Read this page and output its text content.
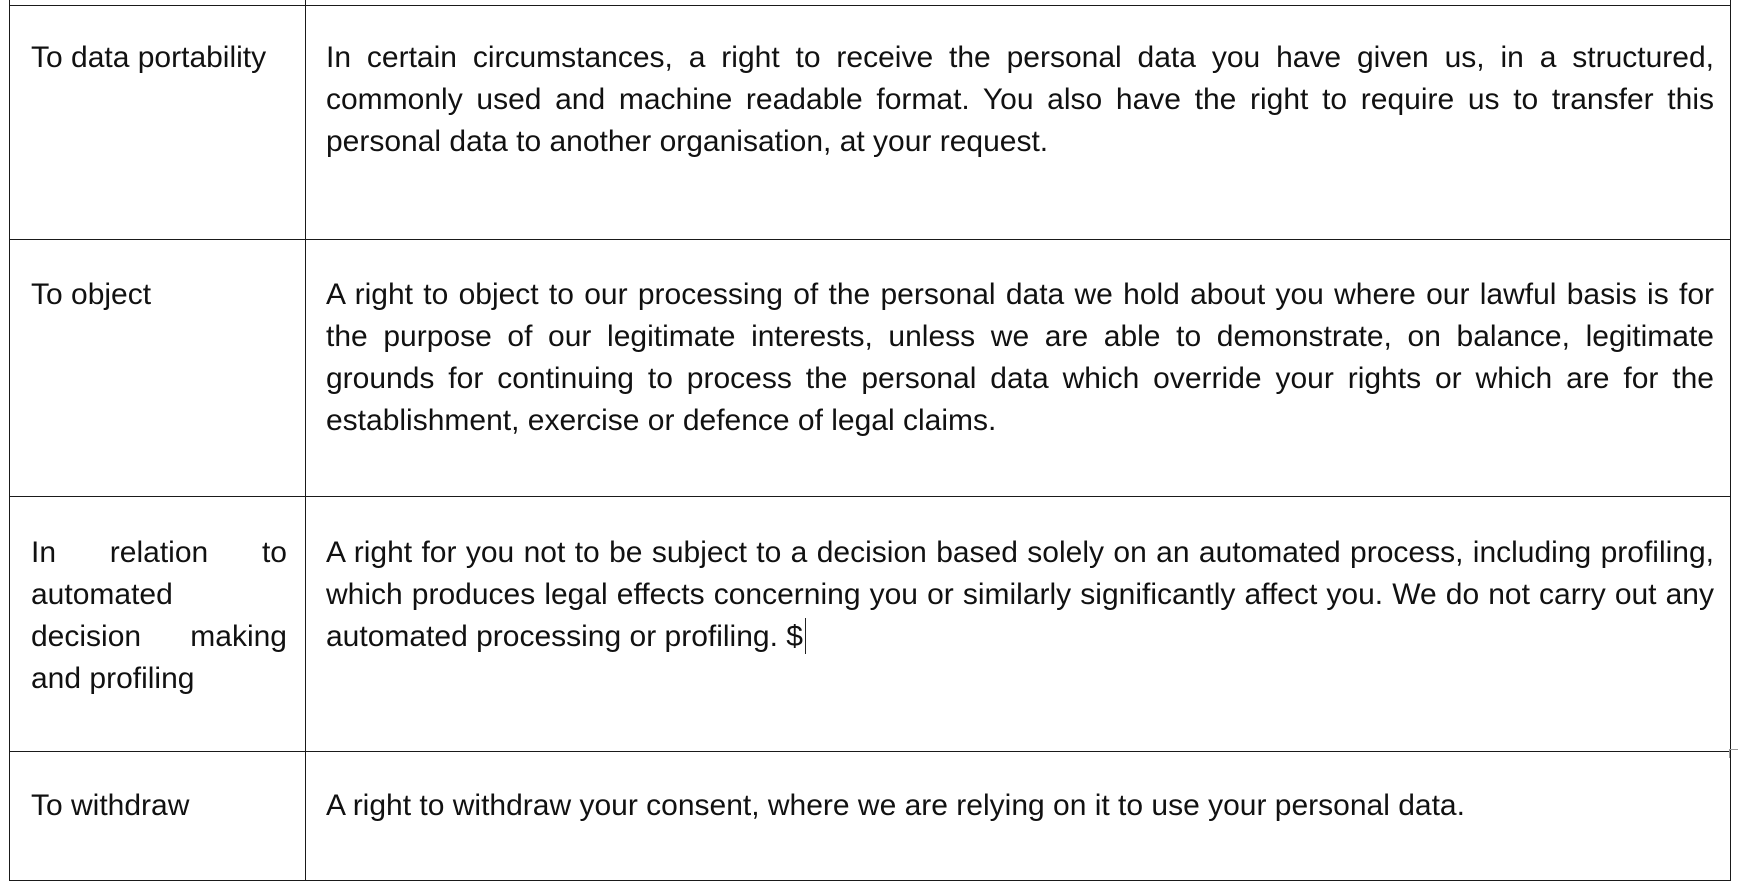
To data portability	In certain circumstances, a right to receive the personal data you have given us, in a structured, commonly used and machine readable format. You also have the right to require us to transfer this personal data to another organisation, at your request.
To object	A right to object to our processing of the personal data we hold about you where our lawful basis is for the purpose of our legitimate interests, unless we are able to demonstrate, on balance, legitimate grounds for continuing to process the personal data which override your rights or which are for the establishment, exercise or defence of legal claims.
In relation to automated decision making and profiling	A right for you not to be subject to a decision based solely on an automated process, including profiling, which produces legal effects concerning you or similarly significantly affect you. We do not carry out any automated processing or profiling. $
To withdraw	A right to withdraw your consent, where we are relying on it to use your personal data.
